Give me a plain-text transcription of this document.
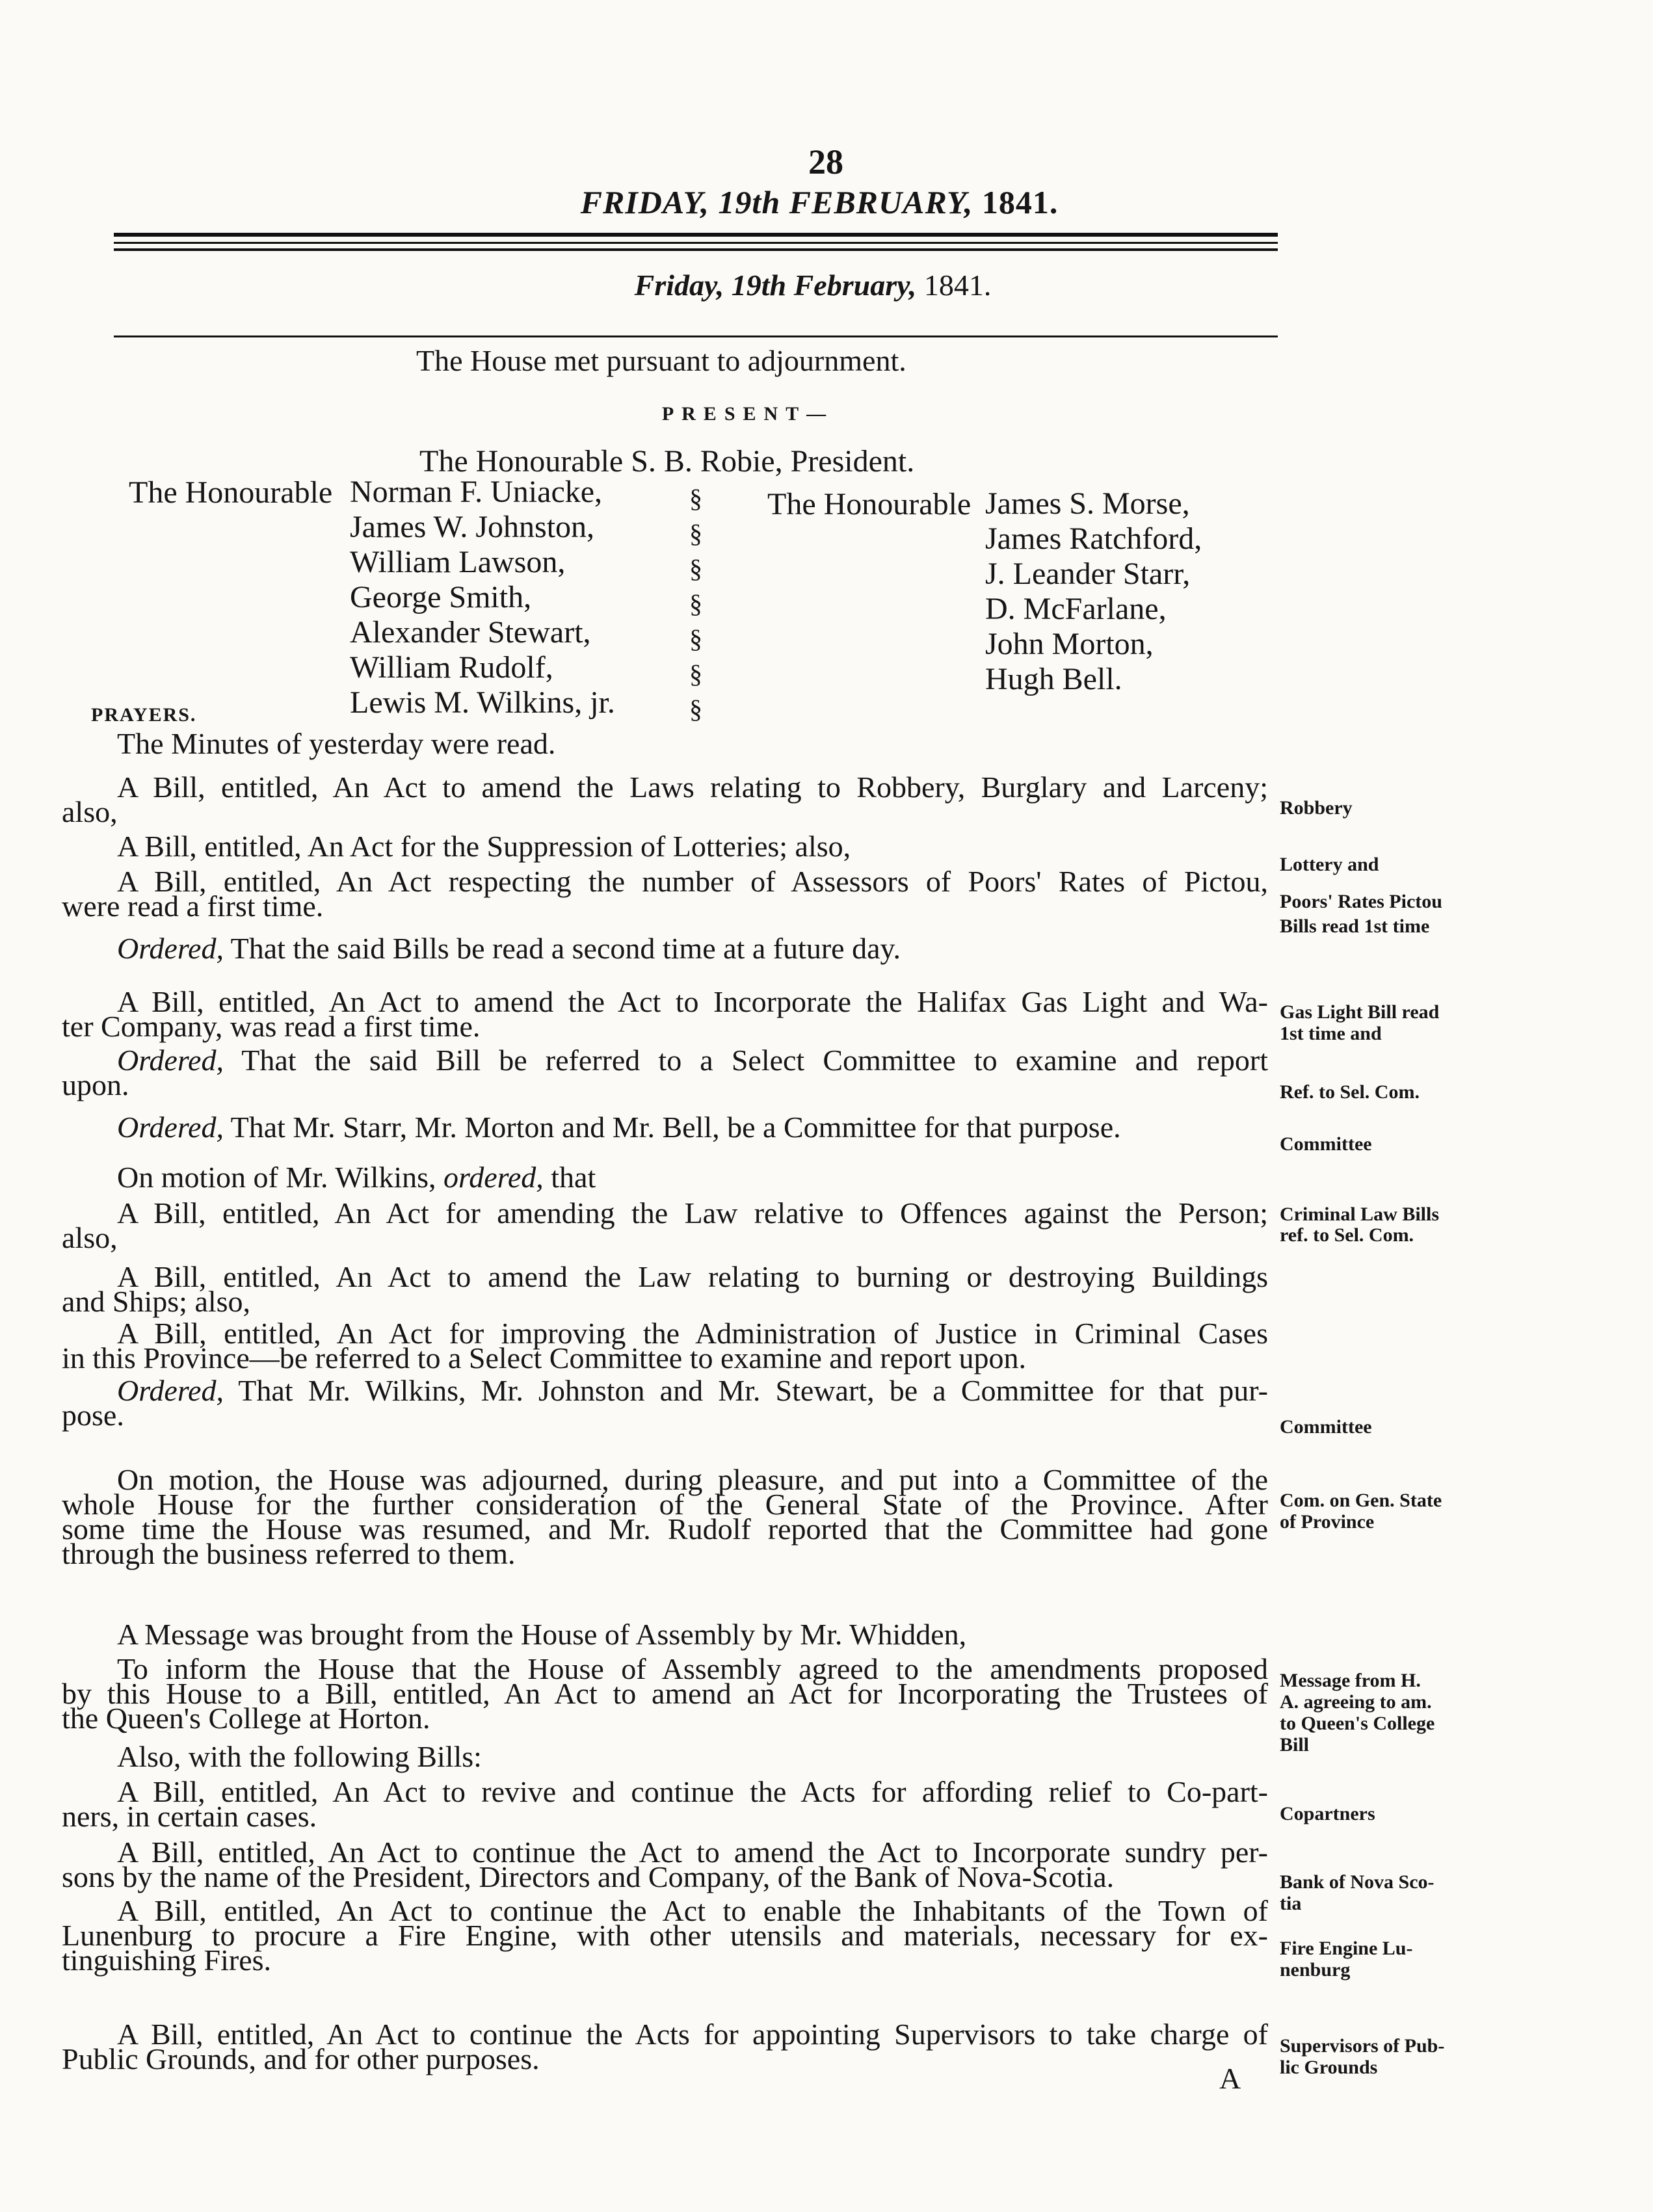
28
FRIDAY, 19th FEBRUARY, 1841.
Friday, 19th February, 1841.
The House met pursuant to adjournment.
PRESENT—
The Honourable S. B. Robie, President.
The Honourable Norman F. Uniacke,
James W. Johnston,
William Lawson,
George Smith,
Alexander Stewart,
William Rudolf,
Lewis M. Wilkins, jr.
§
§
§
§
§
§
§
The Honourable James S. Morse,
James Ratchford,
J. Leander Starr,
D. McFarlane,
John Morton,
Hugh Bell.
PRAYERS.
The Minutes of yesterday were read.
A Bill, entitled, An Act to amend the Laws relating to Robbery, Burglary and Larceny;
also,
A Bill, entitled, An Act for the Suppression of Lotteries; also,
A Bill, entitled, An Act respecting the number of Assessors of Poors' Rates of Pictou,
were read a first time.
Ordered, That the said Bills be read a second time at a future day.
A Bill, entitled, An Act to amend the Act to Incorporate the Halifax Gas Light and Wa-
ter Company, was read a first time.
Ordered, That the said Bill be referred to a Select Committee to examine and report
upon.
Ordered, That Mr. Starr, Mr. Morton and Mr. Bell, be a Committee for that purpose.
On motion of Mr. Wilkins, ordered, that
A Bill, entitled, An Act for amending the Law relative to Offences against the Person;
also,
A Bill, entitled, An Act to amend the Law relating to burning or destroying Buildings
and Ships; also,
A Bill, entitled, An Act for improving the Administration of Justice in Criminal Cases
in this Province—be referred to a Select Committee to examine and report upon.
Ordered, That Mr. Wilkins, Mr. Johnston and Mr. Stewart, be a Committee for that pur-
pose.
On motion, the House was adjourned, during pleasure, and put into a Committee of the
whole House for the further consideration of the General State of the Province. After
some time the House was resumed, and Mr. Rudolf reported that the Committee had gone
through the business referred to them.
A Message was brought from the House of Assembly by Mr. Whidden,
To inform the House that the House of Assembly agreed to the amendments proposed
by this House to a Bill, entitled, An Act to amend an Act for Incorporating the Trustees of
the Queen's College at Horton.
Also, with the following Bills:
A Bill, entitled, An Act to revive and continue the Acts for affording relief to Co-part-
ners, in certain cases.
A Bill, entitled, An Act to continue the Act to amend the Act to Incorporate sundry per-
sons by the name of the President, Directors and Company, of the Bank of Nova-Scotia.
A Bill, entitled, An Act to continue the Act to enable the Inhabitants of the Town of
Lunenburg to procure a Fire Engine, with other utensils and materials, necessary for ex-
tinguishing Fires.
A Bill, entitled, An Act to continue the Acts for appointing Supervisors to take charge of
Public Grounds, and for other purposes.
A
Robbery
Lottery and
Poors' Rates Pictou
Bills read 1st time
Gas Light Bill read
1st time and
Ref. to Sel. Com.
Committee
Criminal Law Bills
ref. to Sel. Com.
Committee
Com. on Gen. State
of Province
Message from H.
A. agreeing to am.
to Queen's College
Bill
Copartners
Bank of Nova Sco-
tia
Fire Engine Lu-
nenburg
Supervisors of Pub-
lic Grounds
